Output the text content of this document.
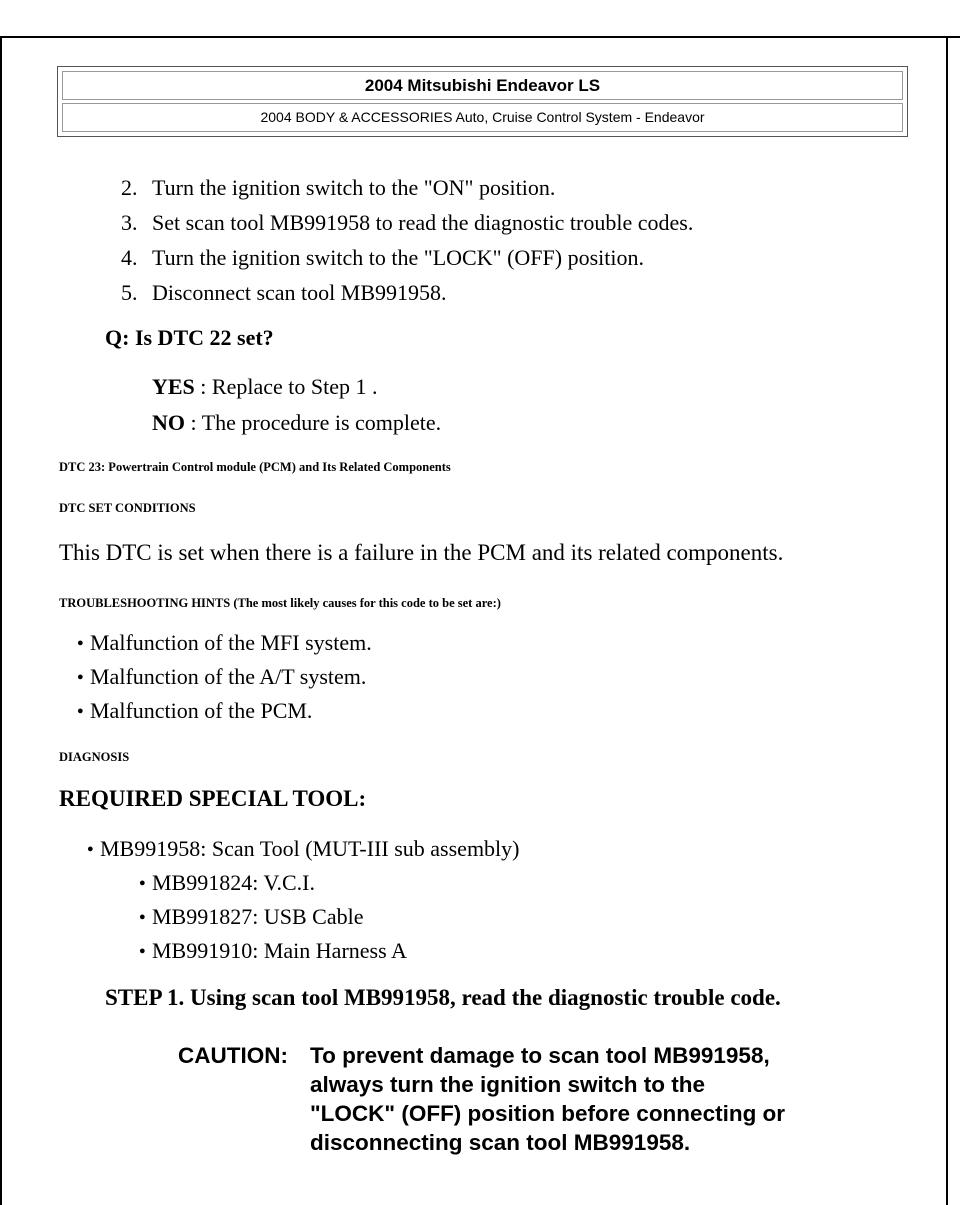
2004 Mitsubishi Endeavor LS
2004 BODY & ACCESSORIES Auto, Cruise Control System - Endeavor
2. Turn the ignition switch to the "ON" position.
3. Set scan tool MB991958 to read the diagnostic trouble codes.
4. Turn the ignition switch to the "LOCK" (OFF) position.
5. Disconnect scan tool MB991958.
Q: Is DTC 22 set?
YES : Replace to Step 1 .
NO : The procedure is complete.
DTC 23: Powertrain Control module (PCM) and Its Related Components
DTC SET CONDITIONS
This DTC is set when there is a failure in the PCM and its related components.
TROUBLESHOOTING HINTS (The most likely causes for this code to be set are:)
● Malfunction of the MFI system.
● Malfunction of the A/T system.
● Malfunction of the PCM.
DIAGNOSIS
REQUIRED SPECIAL TOOL:
● MB991958: Scan Tool (MUT-III sub assembly)
● MB991824: V.C.I.
● MB991827: USB Cable
● MB991910: Main Harness A
STEP 1. Using scan tool MB991958, read the diagnostic trouble code.
CAUTION: To prevent damage to scan tool MB991958,
always turn the ignition switch to the
"LOCK" (OFF) position before connecting or
disconnecting scan tool MB991958.
